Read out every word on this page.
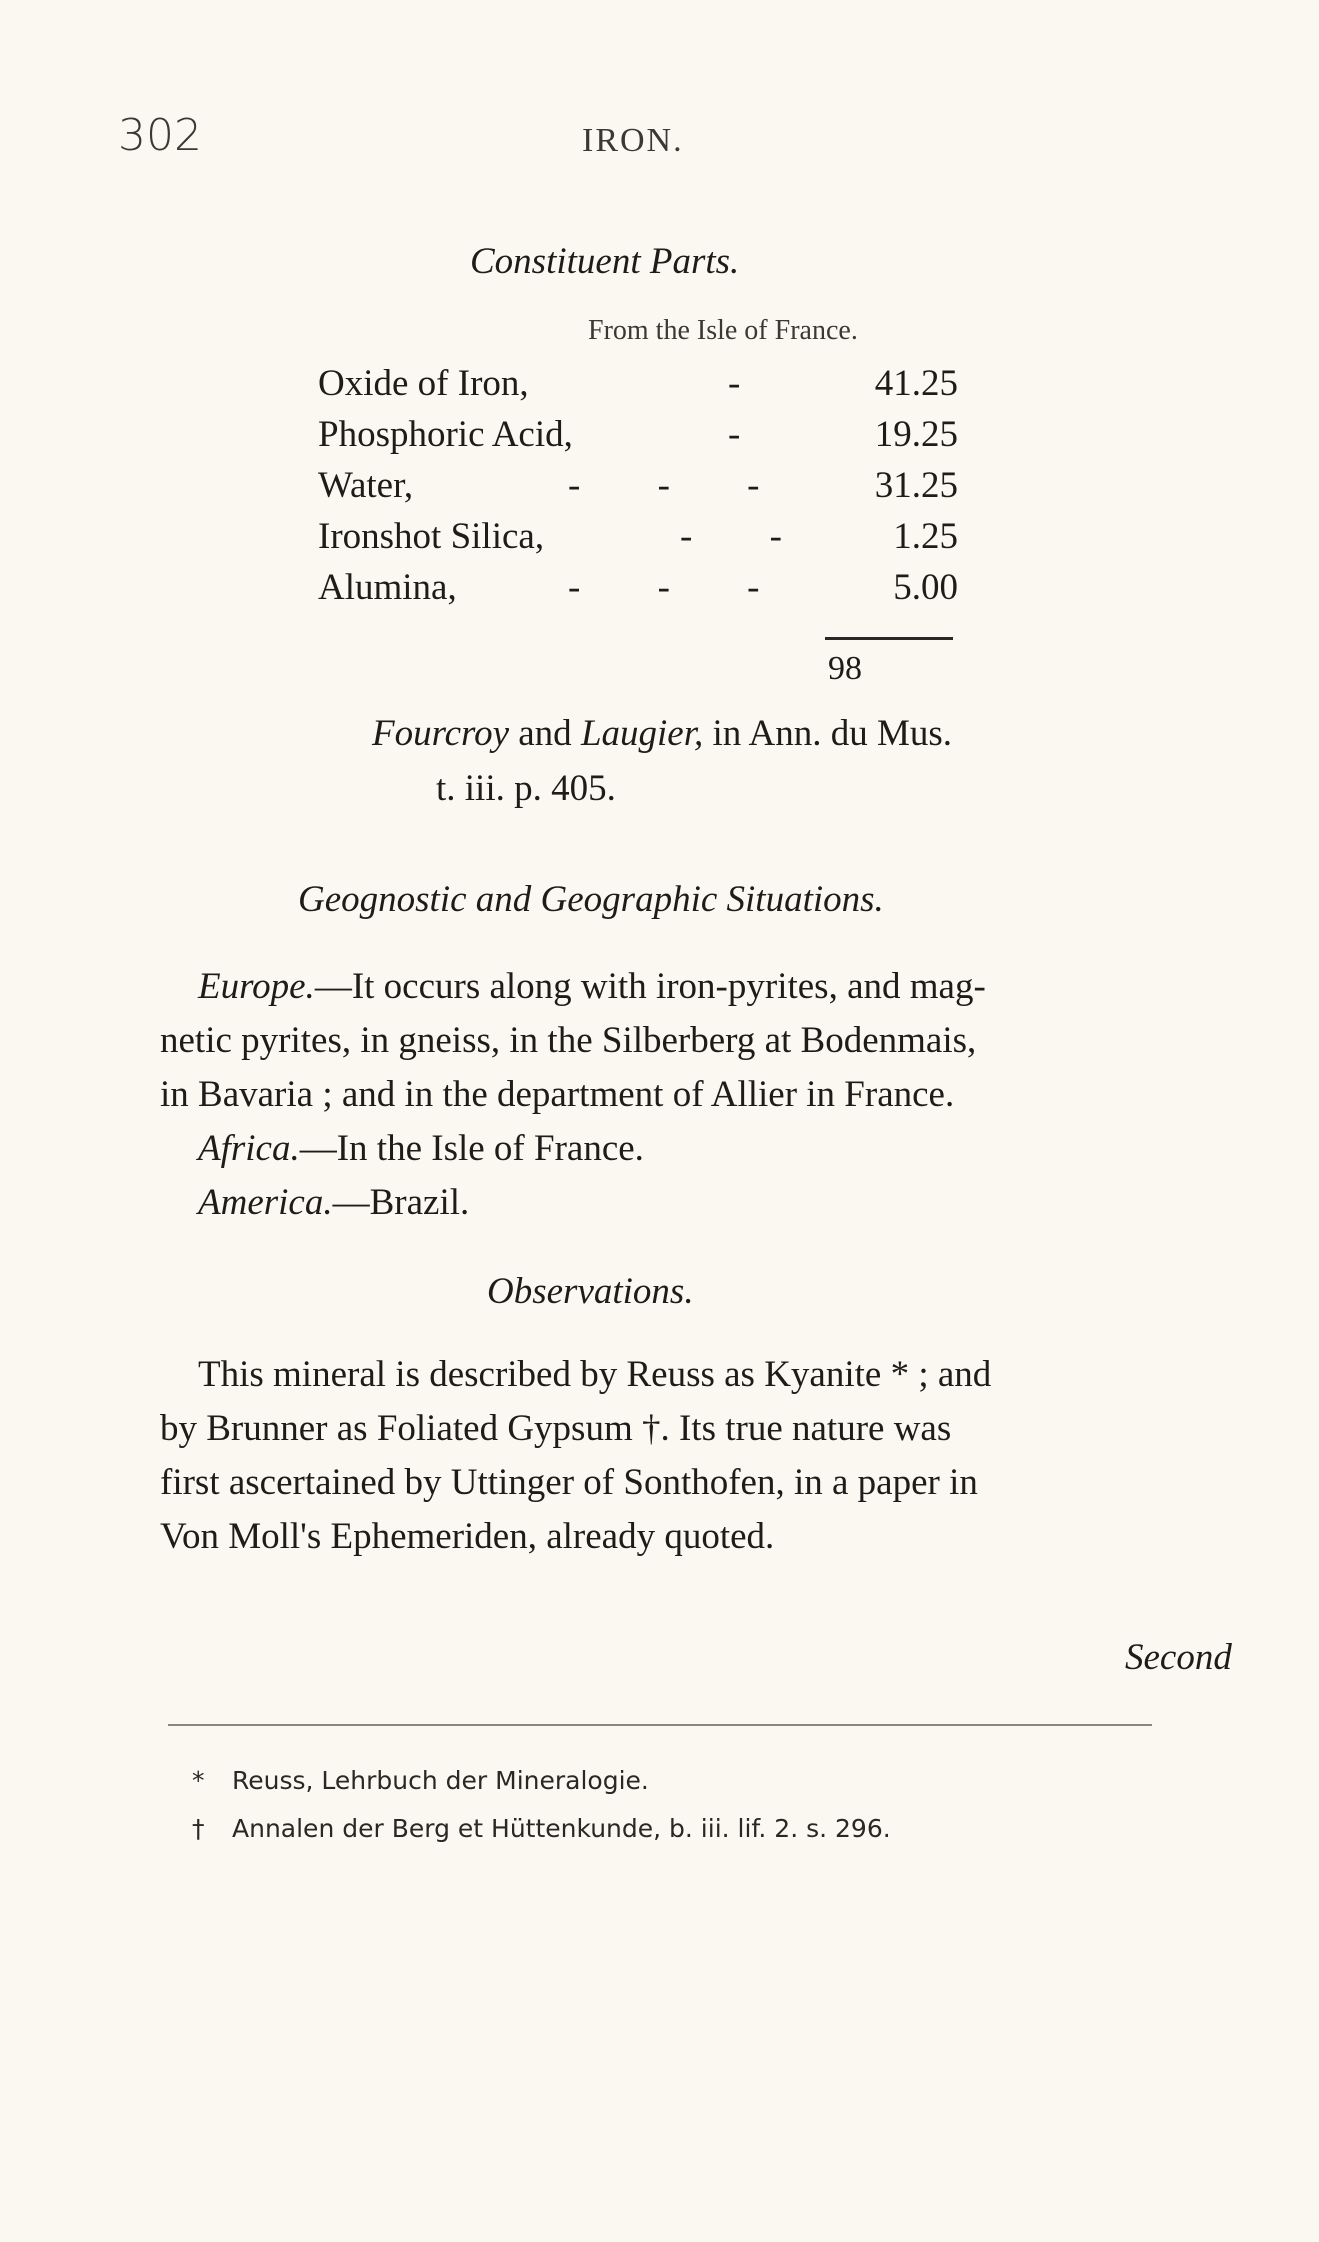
302	IRON.
Constituent Parts.
From the Isle of France.
Oxide of Iron,	-	41.25
Phosphoric Acid,	-	19.25
Water,	- - -	31.25
Ironshot Silica,	- -	1.25
Alumina,	- - -	5.00
98
Fourcroy and Laugier, in Ann. du Mus.
t. iii. p. 405.
Geognostic and Geographic Situations.
Europe.—It occurs along with iron-pyrites, and mag-
netic pyrites, in gneiss, in the Silberberg at Bodenmais,
in Bavaria ; and in the department of Allier in France.
Africa.—In the Isle of France.
America.—Brazil.
Observations.
This mineral is described by Reuss as Kyanite * ; and
by Brunner as Foliated Gypsum †. Its true nature was
first ascertained by Uttinger of Sonthofen, in a paper in
Von Moll's Ephemeriden, already quoted.
Second
* Reuss, Lehrbuch der Mineralogie.
† Annalen der Berg et Hüttenkunde, b. iii. lif. 2. s. 296.
